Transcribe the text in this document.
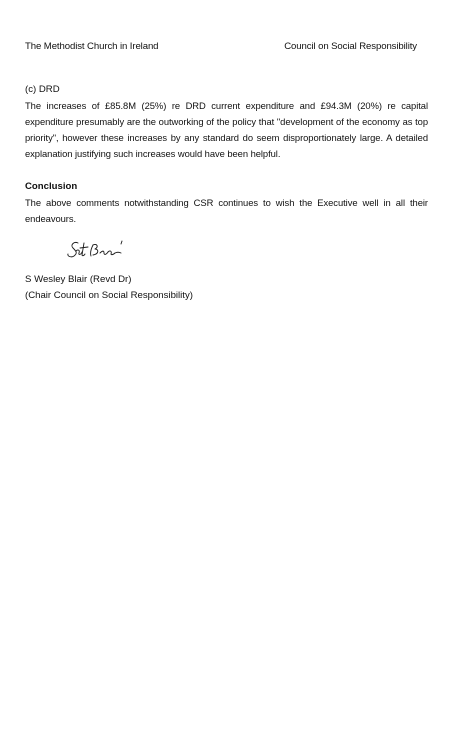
The Methodist Church in Ireland	Council on Social Responsibility
(c) DRD
The increases of £85.8M (25%) re DRD current expenditure and £94.3M (20%) re capital expenditure presumably are the outworking of the policy that "development of the economy as top priority", however these increases by any standard do seem disproportionately large. A detailed explanation justifying such increases would have been helpful.
Conclusion
The above comments notwithstanding CSR continues to wish the Executive well in all their endeavours.
S Wesley Blair (Revd Dr)
(Chair Council on Social Responsibility)
